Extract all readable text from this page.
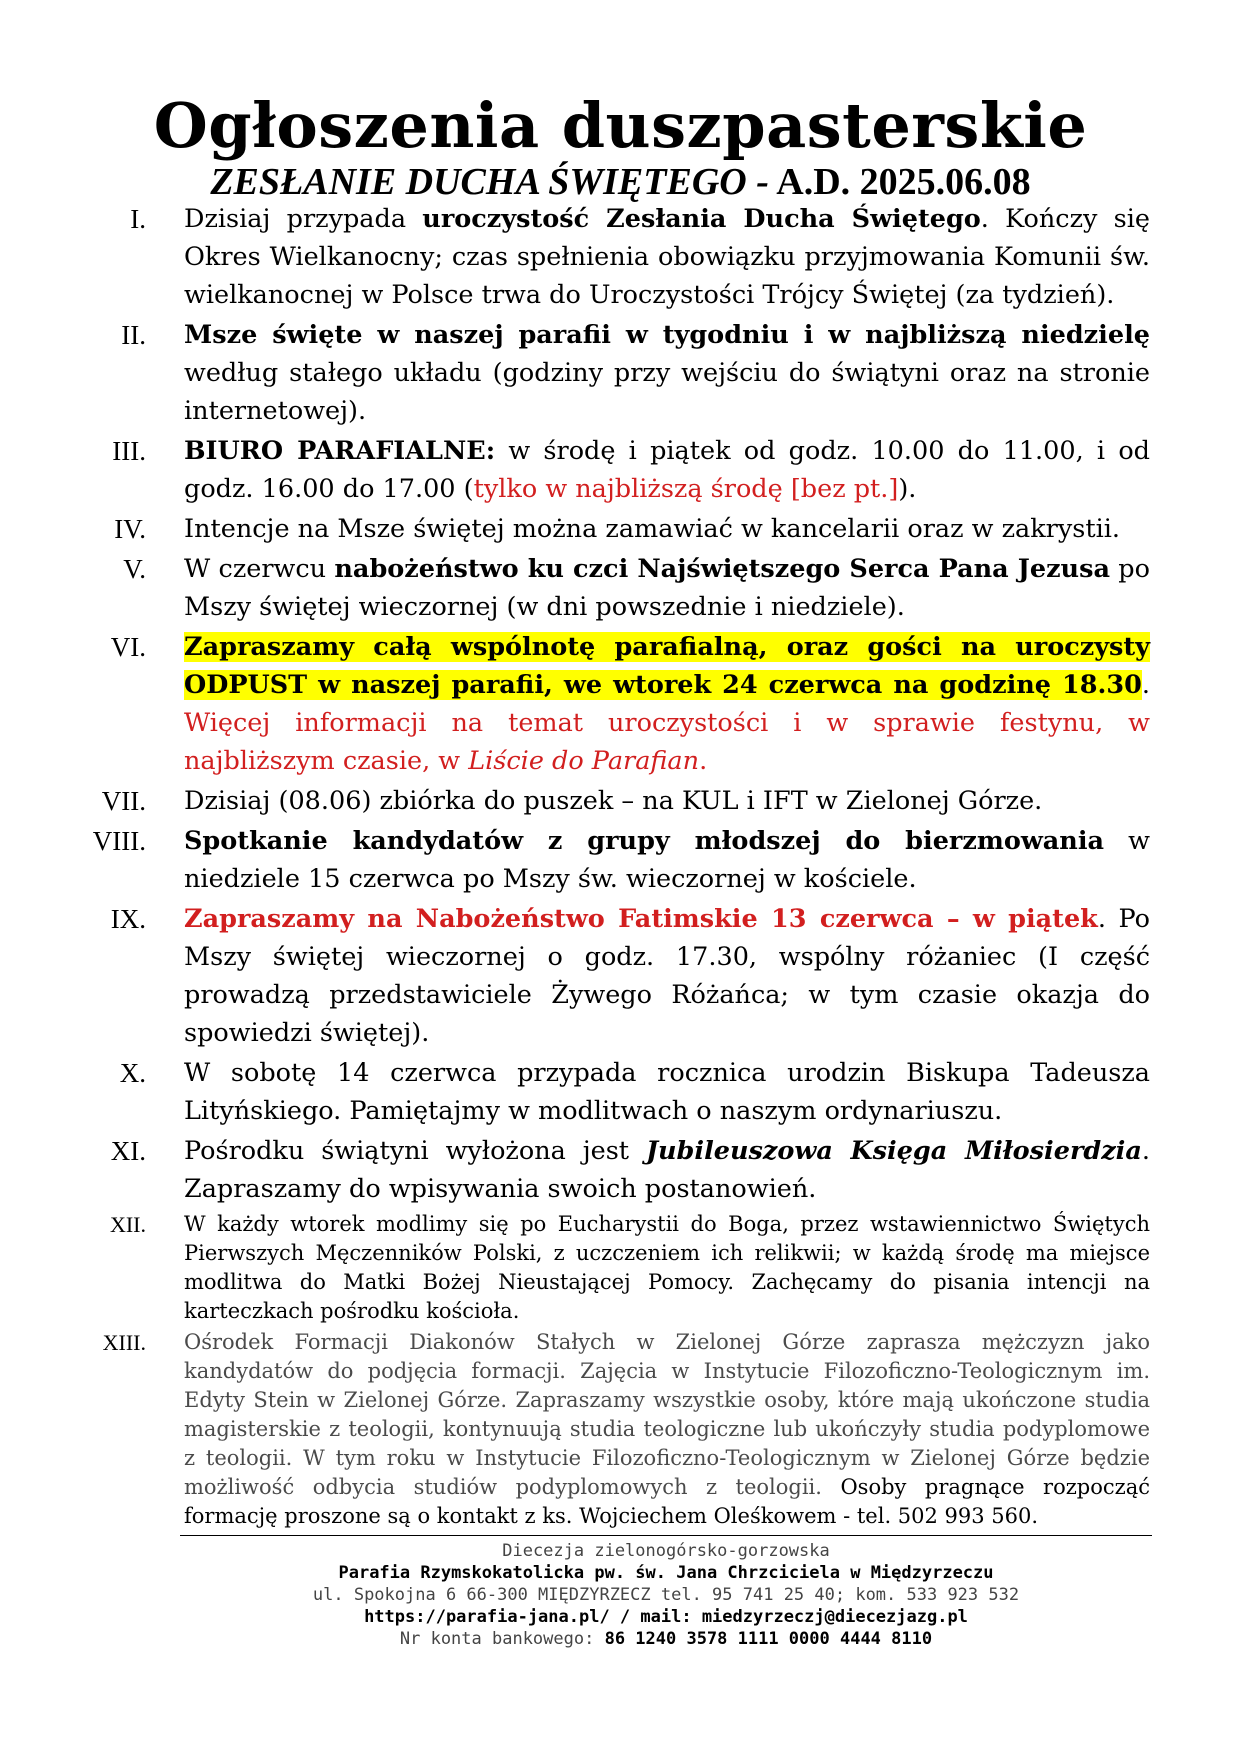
Ogłoszenia duszpasterskie
ZESŁANIE DUCHA ŚWIĘTEGO - A.D. 2025.06.08
I. Dzisiaj przypada uroczystość Zesłania Ducha Świętego. Kończy się Okres Wielkanocny; czas spełnienia obowiązku przyjmowania Komunii św. wielkanocnej w Polsce trwa do Uroczystości Trójcy Świętej (za tydzień).
II. Msze święte w naszej parafii w tygodniu i w najbliższą niedzielę według stałego układu (godziny przy wejściu do świątyni oraz na stronie internetowej).
III. BIURO PARAFIALNE: w środę i piątek od godz. 10.00 do 11.00, i od godz. 16.00 do 17.00 (tylko w najbliższą środę [bez pt.]).
IV. Intencje na Msze świętej można zamawiać w kancelarii oraz w zakrystii.
V. W czerwcu nabożeństwo ku czci Najświętszego Serca Pana Jezusa po Mszy świętej wieczornej (w dni powszednie i niedziele).
VI. Zapraszamy całą wspólnotę parafialną, oraz gości na uroczysty ODPUST w naszej parafii, we wtorek 24 czerwca na godzinę 18.30. Więcej informacji na temat uroczystości i w sprawie festynu, w najbliższym czasie, w Liście do Parafian.
VII. Dzisiaj (08.06) zbiórka do puszek – na KUL i IFT w Zielonej Górze.
VIII. Spotkanie kandydatów z grupy młodszej do bierzmowania w niedziele 15 czerwca po Mszy św. wieczornej w kościele.
IX. Zapraszamy na Nabożeństwo Fatimskie 13 czerwca – w piątek. Po Mszy świętej wieczornej o godz. 17.30, wspólny różaniec (I część prowadzą przedstawiciele Żywego Różańca; w tym czasie okazja do spowiedzi świętej).
X. W sobotę 14 czerwca przypada rocznica urodzin Biskupa Tadeusza Lityńskiego. Pamiętajmy w modlitwach o naszym ordynariuszu.
XI. Pośrodku świątyni wyłożona jest Jubileuszowa Księga Miłosierdzia. Zapraszamy do wpisywania swoich postanowień.
XII. W każdy wtorek modlimy się po Eucharystii do Boga, przez wstawiennictwo Świętych Pierwszych Męczenników Polski, z uczczeniem ich relikwii; w każdą środę ma miejsce modlitwa do Matki Bożej Nieustającej Pomocy. Zachęcamy do pisania intencji na karteczkach pośrodku kościoła.
XIII. Ośrodek Formacji Diakonów Stałych w Zielonej Górze zaprasza mężczyzn jako kandydatów do podjęcia formacji. Zajęcia w Instytucie Filozoficzno-Teologicznym im. Edyty Stein w Zielonej Górze. Zapraszamy wszystkie osoby, które mają ukończone studia magisterskie z teologii, kontynuują studia teologiczne lub ukończyły studia podyplomowe z teologii. W tym roku w Instytucie Filozoficzno-Teologicznym w Zielonej Górze będzie możliwość odbycia studiów podyplomowych z teologii. Osoby pragnące rozpocząć formację proszone są o kontakt z ks. Wojciechem Oleśkowem - tel. 502 993 560.
Diecezja zielonogórsko-gorzowska
Parafia Rzymskokatolicka pw. św. Jana Chrzciciela w Międzyrzeczu
ul. Spokojna 6 66-300 MIĘDZYRZECZ tel. 95 741 25 40; kom. 533 923 532
https://parafia-jana.pl/ / mail: miedzyrzeczj@diecezjazg.pl
Nr konta bankowego: 86 1240 3578 1111 0000 4444 8110
